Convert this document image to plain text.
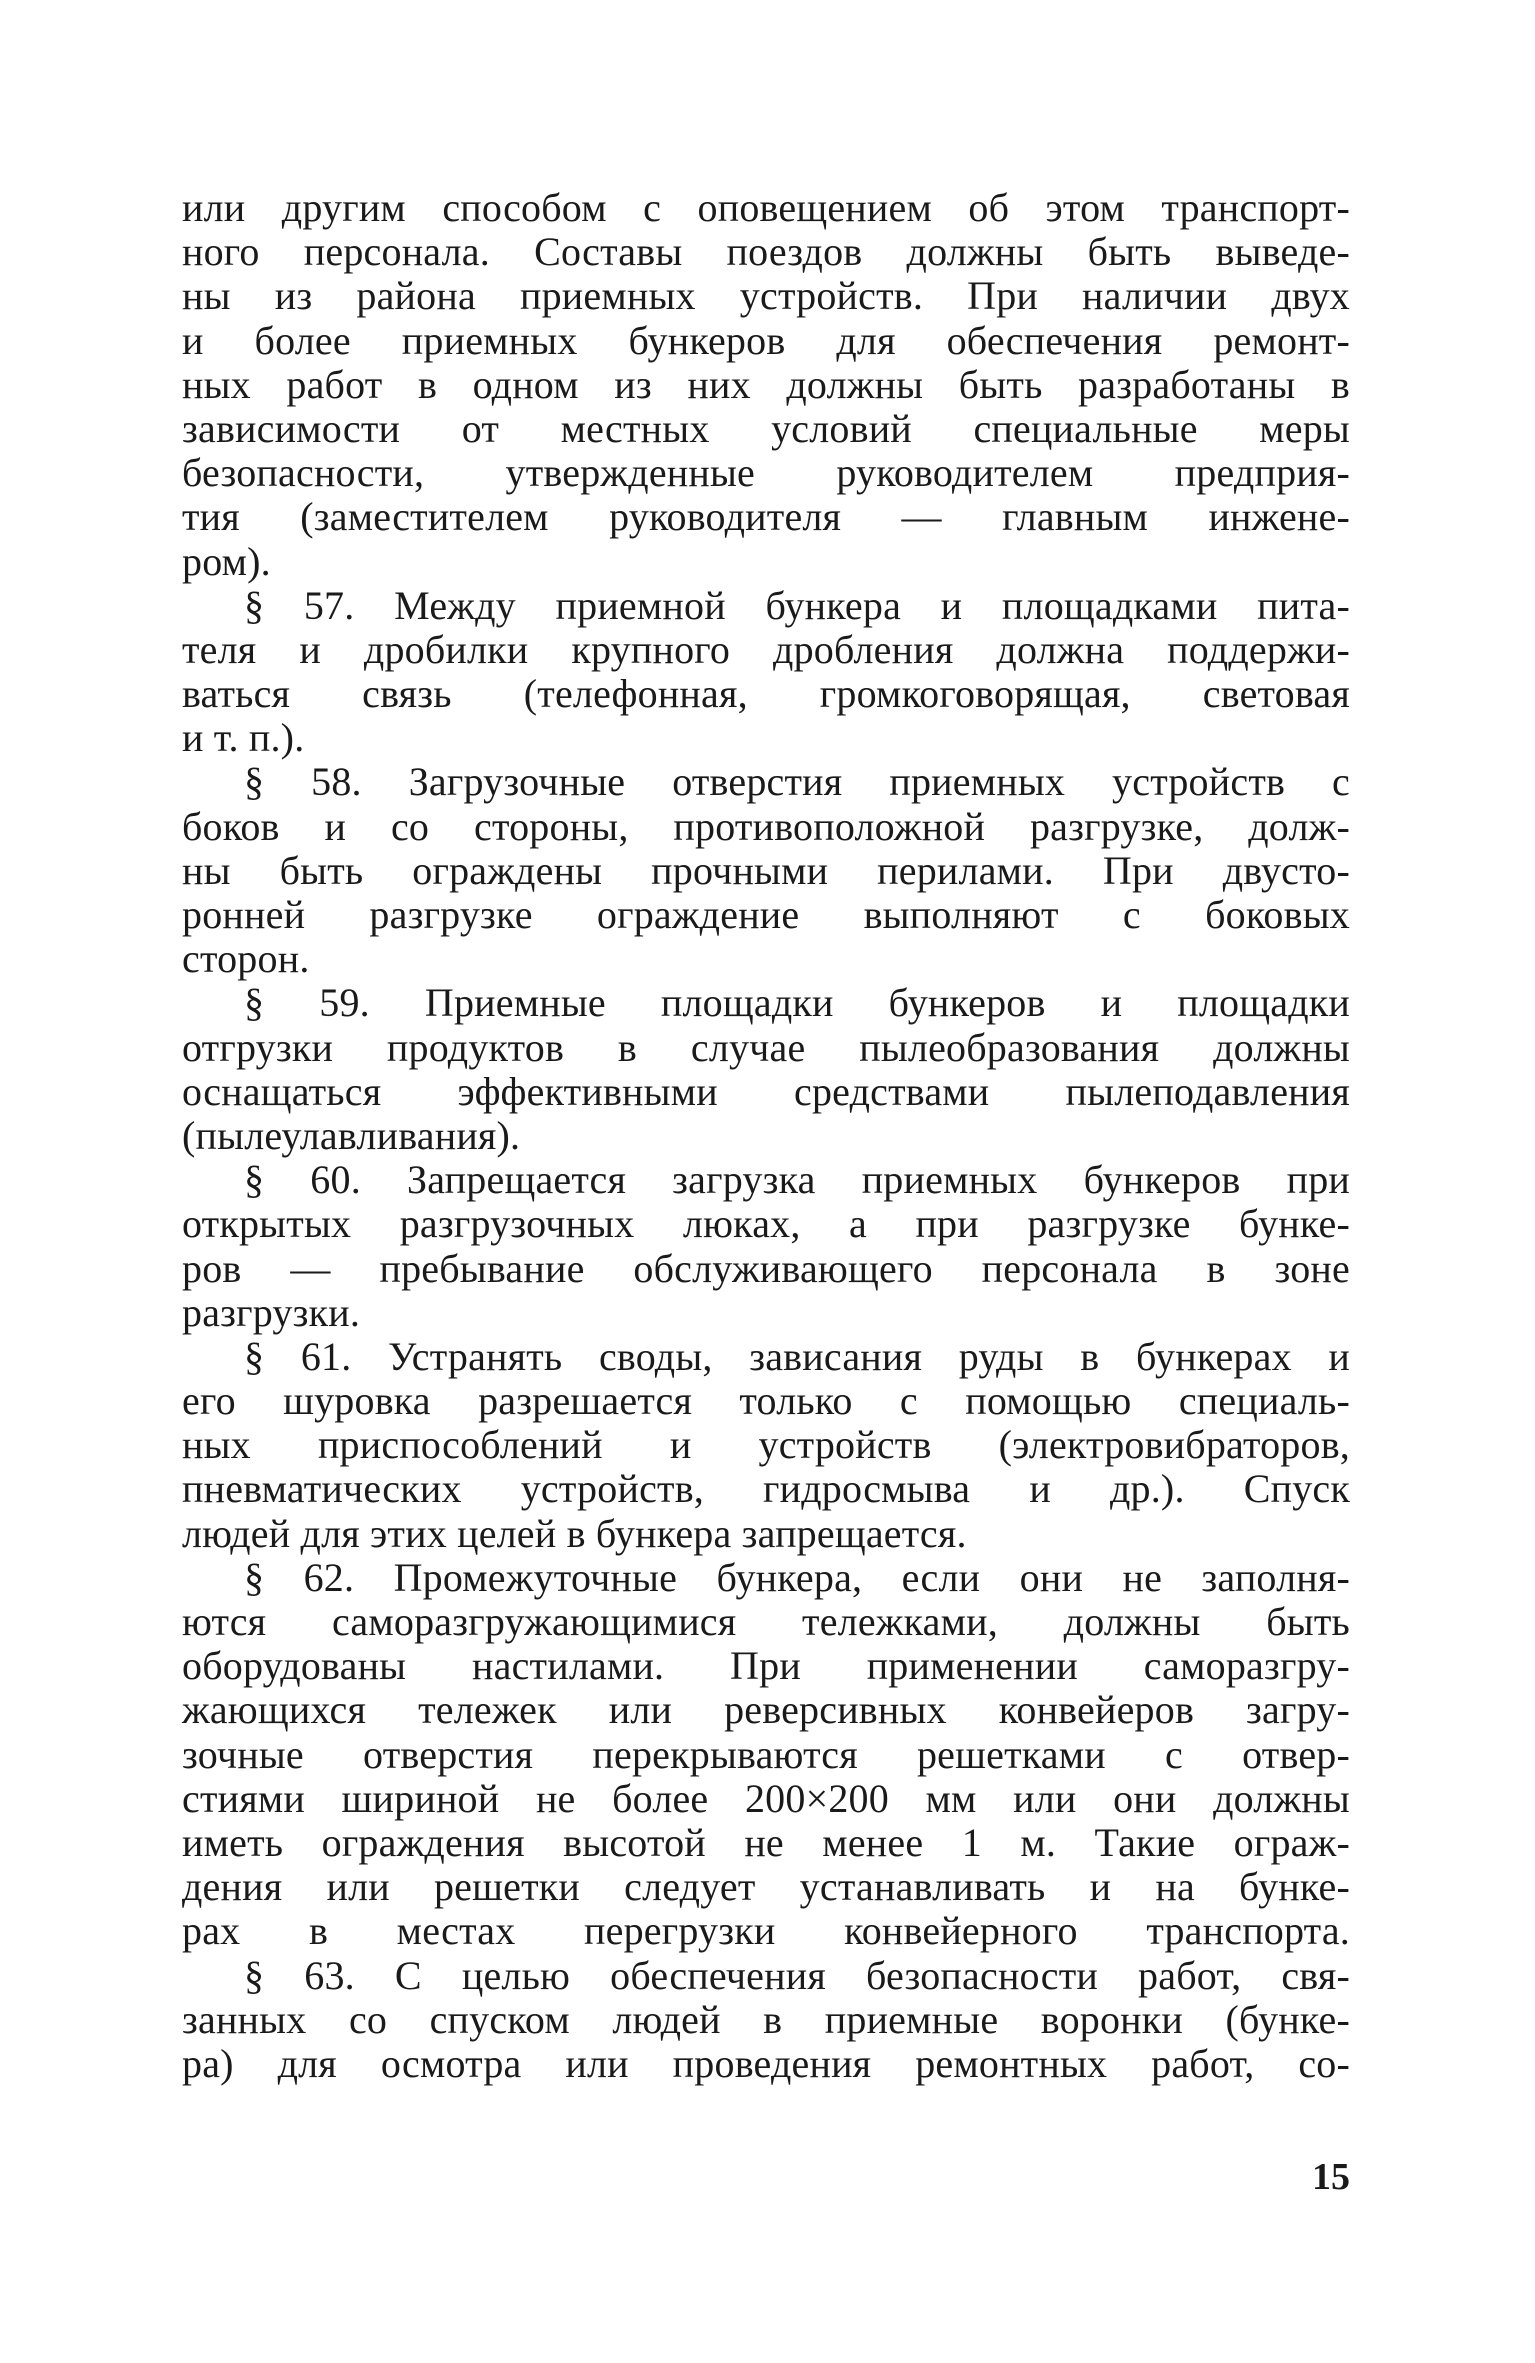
или другим способом с оповещением об этом транспорт-
ного персонала. Составы поездов должны быть выведе-
ны из района приемных устройств. При наличии двух
и более приемных бункеров для обеспечения ремонт-
ных работ в одном из них должны быть разработаны в
зависимости от местных условий специальные меры
безопасности, утвержденные руководителем предприя-
тия (заместителем руководителя — главным инжене-
ром).
§ 57. Между приемной бункера и площадками пита-
теля и дробилки крупного дробления должна поддержи-
ваться связь (телефонная, громкоговорящая, световая
и т. п.).
§ 58. Загрузочные отверстия приемных устройств с
боков и со стороны, противоположной разгрузке, долж-
ны быть ограждены прочными перилами. При двусто-
ронней разгрузке ограждение выполняют с боковых
сторон.
§ 59. Приемные площадки бункеров и площадки
отгрузки продуктов в случае пылеобразования должны
оснащаться эффективными средствами пылеподавления
(пылеулавливания).
§ 60. Запрещается загрузка приемных бункеров при
открытых разгрузочных люках, а при разгрузке бунке-
ров — пребывание обслуживающего персонала в зоне
разгрузки.
§ 61. Устранять своды, зависания руды в бункерах и
его шуровка разрешается только с помощью специаль-
ных приспособлений и устройств (электровибраторов,
пневматических устройств, гидросмыва и др.). Спуск
людей для этих целей в бункера запрещается.
§ 62. Промежуточные бункера, если они не заполня-
ются саморазгружающимися тележками, должны быть
оборудованы настилами. При применении саморазгру-
жающихся тележек или реверсивных конвейеров загру-
зочные отверстия перекрываются решетками с отвер-
стиями шириной не более 200×200 мм или они должны
иметь ограждения высотой не менее 1 м. Такие ограж-
дения или решетки следует устанавливать и на бунке-
рах в местах перегрузки конвейерного транспорта.
§ 63. С целью обеспечения безопасности работ, свя-
занных со спуском людей в приемные воронки (бунке-
ра) для осмотра или проведения ремонтных работ, со-
15
